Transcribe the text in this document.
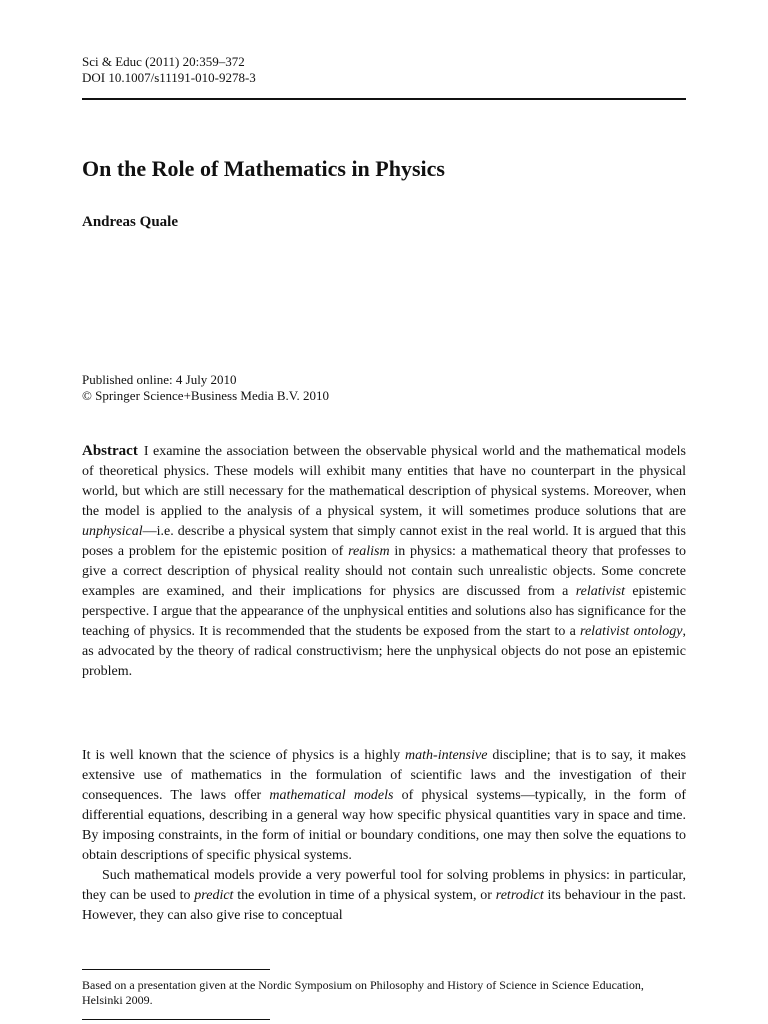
Sci & Educ (2011) 20:359–372
DOI 10.1007/s11191-010-9278-3
On the Role of Mathematics in Physics
Andreas Quale
Published online: 4 July 2010
© Springer Science+Business Media B.V. 2010
Abstract I examine the association between the observable physical world and the mathematical models of theoretical physics. These models will exhibit many entities that have no counterpart in the physical world, but which are still necessary for the mathematical description of physical systems. Moreover, when the model is applied to the analysis of a physical system, it will sometimes produce solutions that are unphysical—i.e. describe a physical system that simply cannot exist in the real world. It is argued that this poses a problem for the epistemic position of realism in physics: a mathematical theory that professes to give a correct description of physical reality should not contain such unrealistic objects. Some concrete examples are examined, and their implications for physics are discussed from a relativist epistemic perspective. I argue that the appearance of the unphysical entities and solutions also has significance for the teaching of physics. It is recommended that the students be exposed from the start to a relativist ontology, as advocated by the theory of radical constructivism; here the unphysical objects do not pose an epistemic problem.

It is well known that the science of physics is a highly math-intensive discipline; that is to say, it makes extensive use of mathematics in the formulation of scientific laws and the investigation of their consequences. The laws offer mathematical models of physical systems—typically, in the form of differential equations, describing in a general way how specific physical quantities vary in space and time. By imposing constraints, in the form of initial or boundary conditions, one may then solve the equations to obtain descriptions of specific physical systems.

Such mathematical models provide a very powerful tool for solving problems in physics: in particular, they can be used to predict the evolution in time of a physical system, or retrodict its behaviour in the past. However, they can also give rise to conceptual

Based on a presentation given at the Nordic Symposium on Philosophy and History of Science in Science Education, Helsinki 2009.
